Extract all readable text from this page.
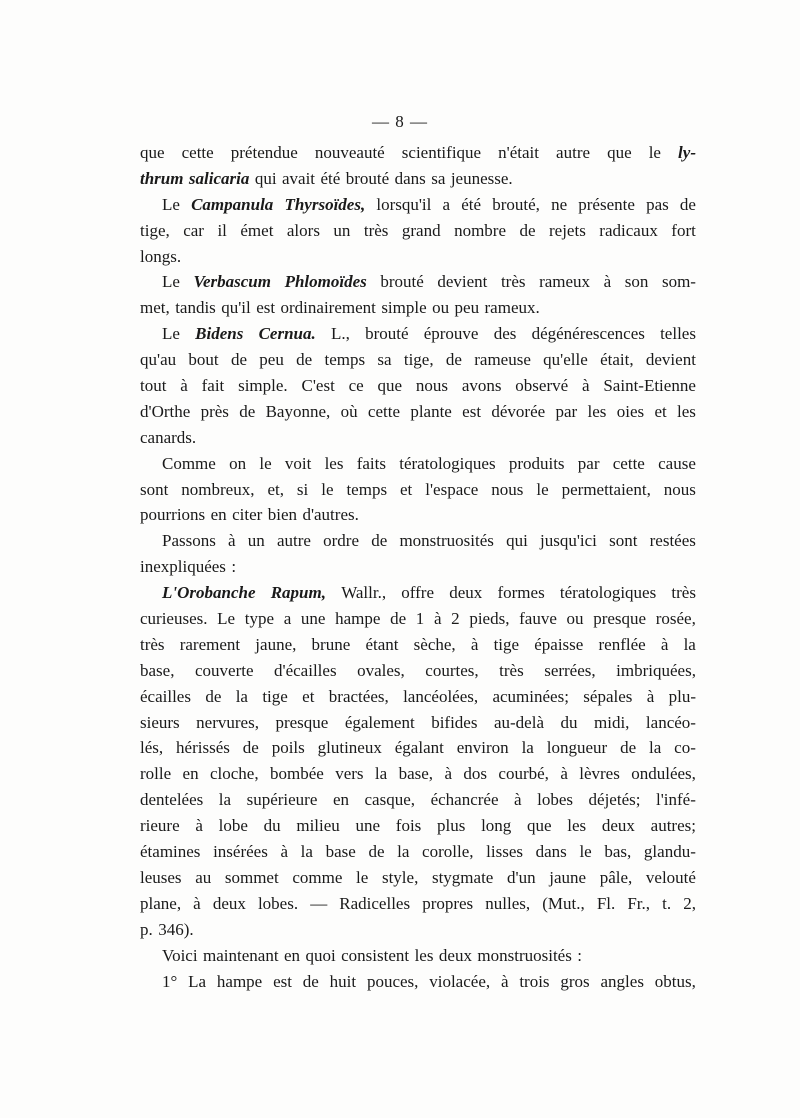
— 8 —
que cette prétendue nouveauté scientifique n'était autre que le ly-
thrum salicaria qui avait été brouté dans sa jeunesse.
Le Campanula Thyrsoïdes, lorsqu'il a été brouté, ne présente pas de
tige, car il émet alors un très grand nombre de rejets radicaux fort
longs.
Le Verbascum Phlomoïdes brouté devient très rameux à son som-
met, tandis qu'il est ordinairement simple ou peu rameux.
Le Bidens Cernua. L., brouté éprouve des dégénérescences telles
qu'au bout de peu de temps sa tige, de rameuse qu'elle était, devient
tout à fait simple. C'est ce que nous avons observé à Saint-Etienne
d'Orthe près de Bayonne, où cette plante est dévorée par les oies et les
canards.
Comme on le voit les faits tératologiques produits par cette cause
sont nombreux, et, si le temps et l'espace nous le permettaient, nous
pourrions en citer bien d'autres.
Passons à un autre ordre de monstruosités qui jusqu'ici sont restées
inexpliquées :
L'Orobanche Rapum, Wallr., offre deux formes tératologiques très
curieuses. Le type a une hampe de 1 à 2 pieds, fauve ou presque rosée,
très rarement jaune, brune étant sèche, à tige épaisse renflée à la
base, couverte d'écailles ovales, courtes, très serrées, imbriquées,
écailles de la tige et bractées, lancéolées, acuminées; sépales à plu-
sieurs nervures, presque également bifides au-delà du midi, lancéo-
lés, hérissés de poils glutineux égalant environ la longueur de la co-
rolle en cloche, bombée vers la base, à dos courbé, à lèvres ondulées,
dentelées la supérieure en casque, échancrée à lobes déjetés; l'infé-
rieure à lobe du milieu une fois plus long que les deux autres;
étamines insérées à la base de la corolle, lisses dans le bas, glandu-
leuses au sommet comme le style, stygmate d'un jaune pâle, velouté
plane, à deux lobes. — Radicelles propres nulles, (Mut., Fl. Fr., t. 2,
p. 346).
Voici maintenant en quoi consistent les deux monstruosités :
1° La hampe est de huit pouces, violacée, à trois gros angles obtus,
